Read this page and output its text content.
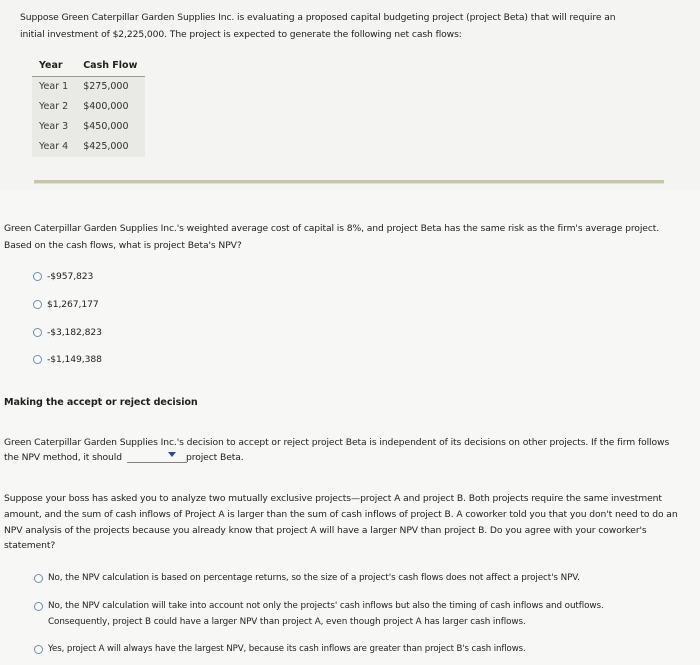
Suppose Green Caterpillar Garden Supplies Inc. is evaluating a proposed capital budgeting project (project Beta) that will require an
initial investment of $2,225,000. The project is expected to generate the following net cash flows:
Year	Cash Flow
Year 1	$275,000
Year 2	$400,000
Year 3	$450,000
Year 4	$425,000
Green Caterpillar Garden Supplies Inc.'s weighted average cost of capital is 8%, and project Beta has the same risk as the firm's average project.
Based on the cash flows, what is project Beta's NPV?
-$957,823
$1,267,177
-$3,182,823
-$1,149,388
Making the accept or reject decision
Green Caterpillar Garden Supplies Inc.'s decision to accept or reject project Beta is independent of its decisions on other projects. If the firm follows
the NPV method, it should	project Beta.
Suppose your boss has asked you to analyze two mutually exclusive projects—project A and project B. Both projects require the same investment
amount, and the sum of cash inflows of Project A is larger than the sum of cash inflows of project B. A coworker told you that you don't need to do an
NPV analysis of the projects because you already know that project A will have a larger NPV than project B. Do you agree with your coworker's
statement?
No, the NPV calculation is based on percentage returns, so the size of a project's cash flows does not affect a project's NPV.
No, the NPV calculation will take into account not only the projects' cash inflows but also the timing of cash inflows and outflows.
Consequently, project B could have a larger NPV than project A, even though project A has larger cash inflows.
Yes, project A will always have the largest NPV, because its cash inflows are greater than project B's cash inflows.
